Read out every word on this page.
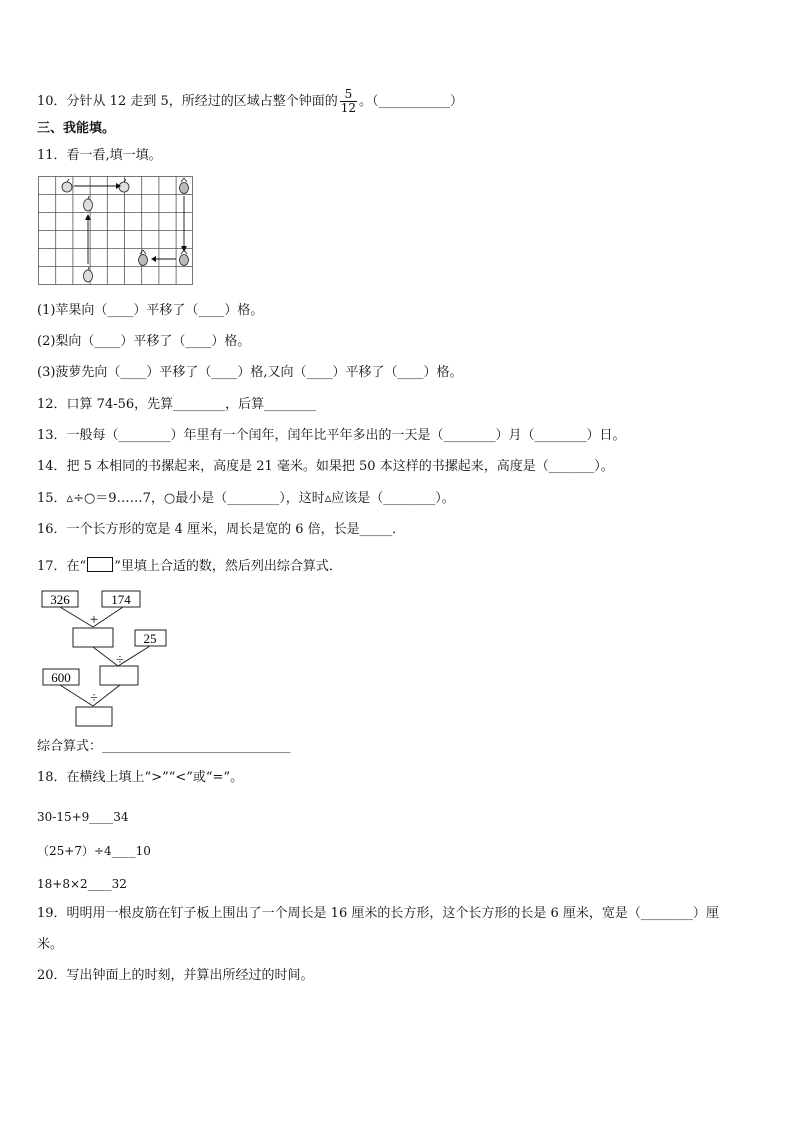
10．分针从 12 走到 5，所经过的区域占整个钟面的 $\frac{5}{12}$ 。（___________）
三、我能填。
11．看一看,填一填。
(1)苹果向（____）平移了（____）格。
(2)梨向（____）平移了（____）格。
(3)菠萝先向（____）平移了（____）格,又向（____）平移了（____）格。
12．口算 74-56，先算________，后算________
13．一般每（________）年里有一个闰年，闰年比平年多出的一天是（________）月（________）日。
14．把 5 本相同的书摞起来，高度是 21 毫米。如果把 50 本这样的书摞起来，高度是（_______）。
15．▵÷○＝9……7，○最小是（________），这时▵应该是（________）。
16．一个长方形的宽是 4 厘米，周长是宽的 6 倍，长是_____．
17．在“ ”里填上合适的数，然后列出综合算式．
326	174
25
600
+
÷
÷
综合算式：_____________________________
18．在横线上填上“>”“<”或“=”。
30-15+9____34
（25+7）÷4____10
18+8×2____32
19．明明用一根皮筋在钉子板上围出了一个周长是 16 厘米的长方形，这个长方形的长是 6 厘米，宽是（________）厘
米。
20．写出钟面上的时刻，并算出所经过的时间。
